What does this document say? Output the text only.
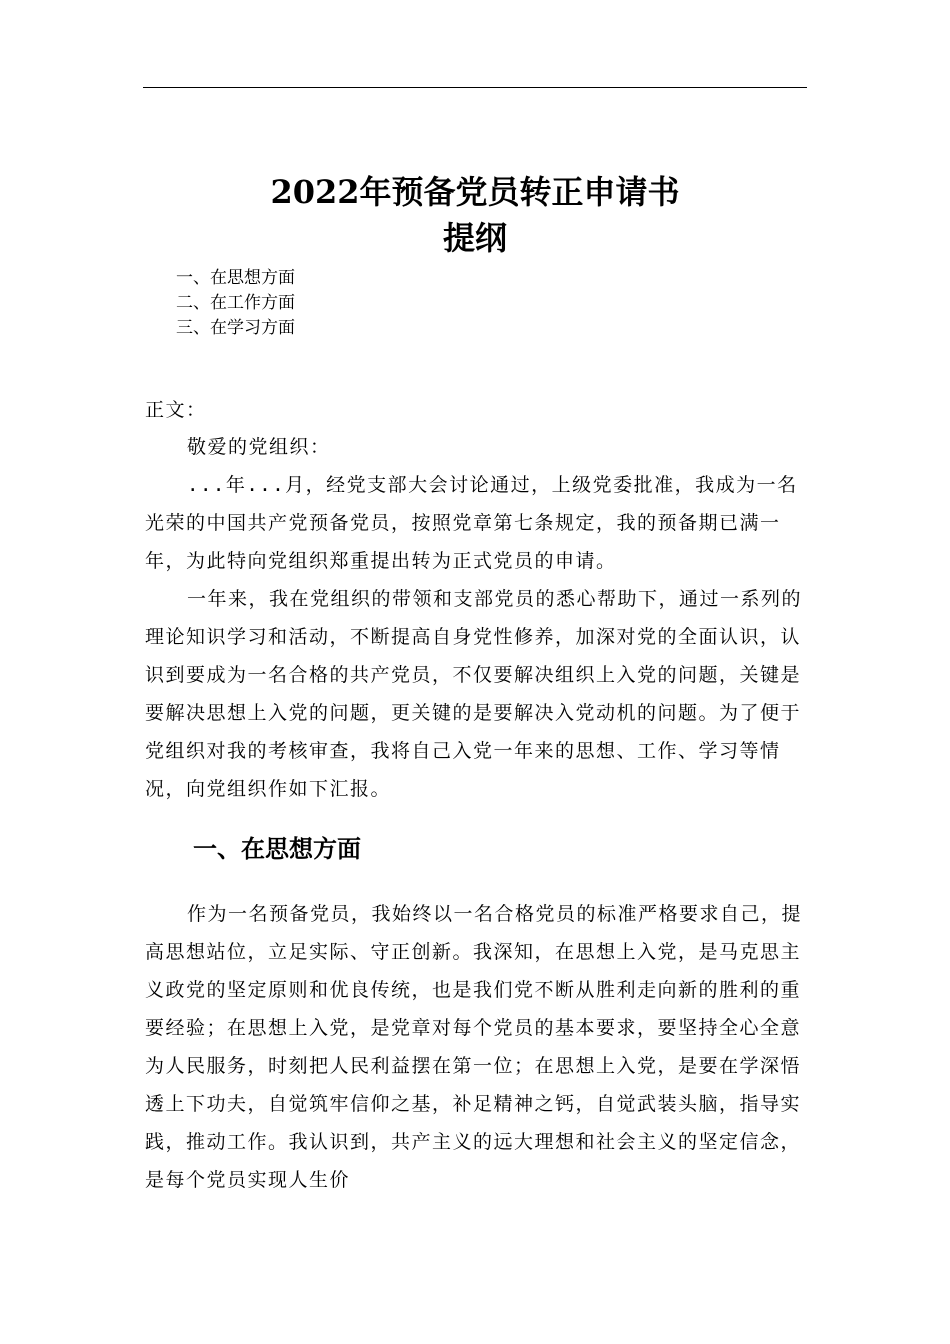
2022年预备党员转正申请书
提纲
一、在思想方面
二、在工作方面
三、在学习方面

正文：

敬爱的党组织：

...年...月，经党支部大会讨论通过，上级党委批准，我成为一名光荣的中国共产党预备党员，按照党章第七条规定，我的预备期已满一年，为此特向党组织郑重提出转为正式党员的申请。

一年来，我在党组织的带领和支部党员的悉心帮助下，通过一系列的理论知识学习和活动，不断提高自身党性修养，加深对党的全面认识，认识到要成为一名合格的共产党员，不仅要解决组织上入党的问题，关键是要解决思想上入党的问题，更关键的是要解决入党动机的问题。为了便于党组织对我的考核审查，我将自己入党一年来的思想、工作、学习等情况，向党组织作如下汇报。

一、在思想方面

作为一名预备党员，我始终以一名合格党员的标准严格要求自己，提高思想站位，立足实际、守正创新。我深知，在思想上入党，是马克思主义政党的坚定原则和优良传统，也是我们党不断从胜利走向新的胜利的重要经验；在思想上入党，是党章对每个党员的基本要求，要坚持全心全意为人民服务，时刻把人民利益摆在第一位；在思想上入党，是要在学深悟透上下功夫，自觉筑牢信仰之基，补足精神之钙，自觉武装头脑，指导实践，推动工作。我认识到，共产主义的远大理想和社会主义的坚定信念，是每个党员实现人生价
